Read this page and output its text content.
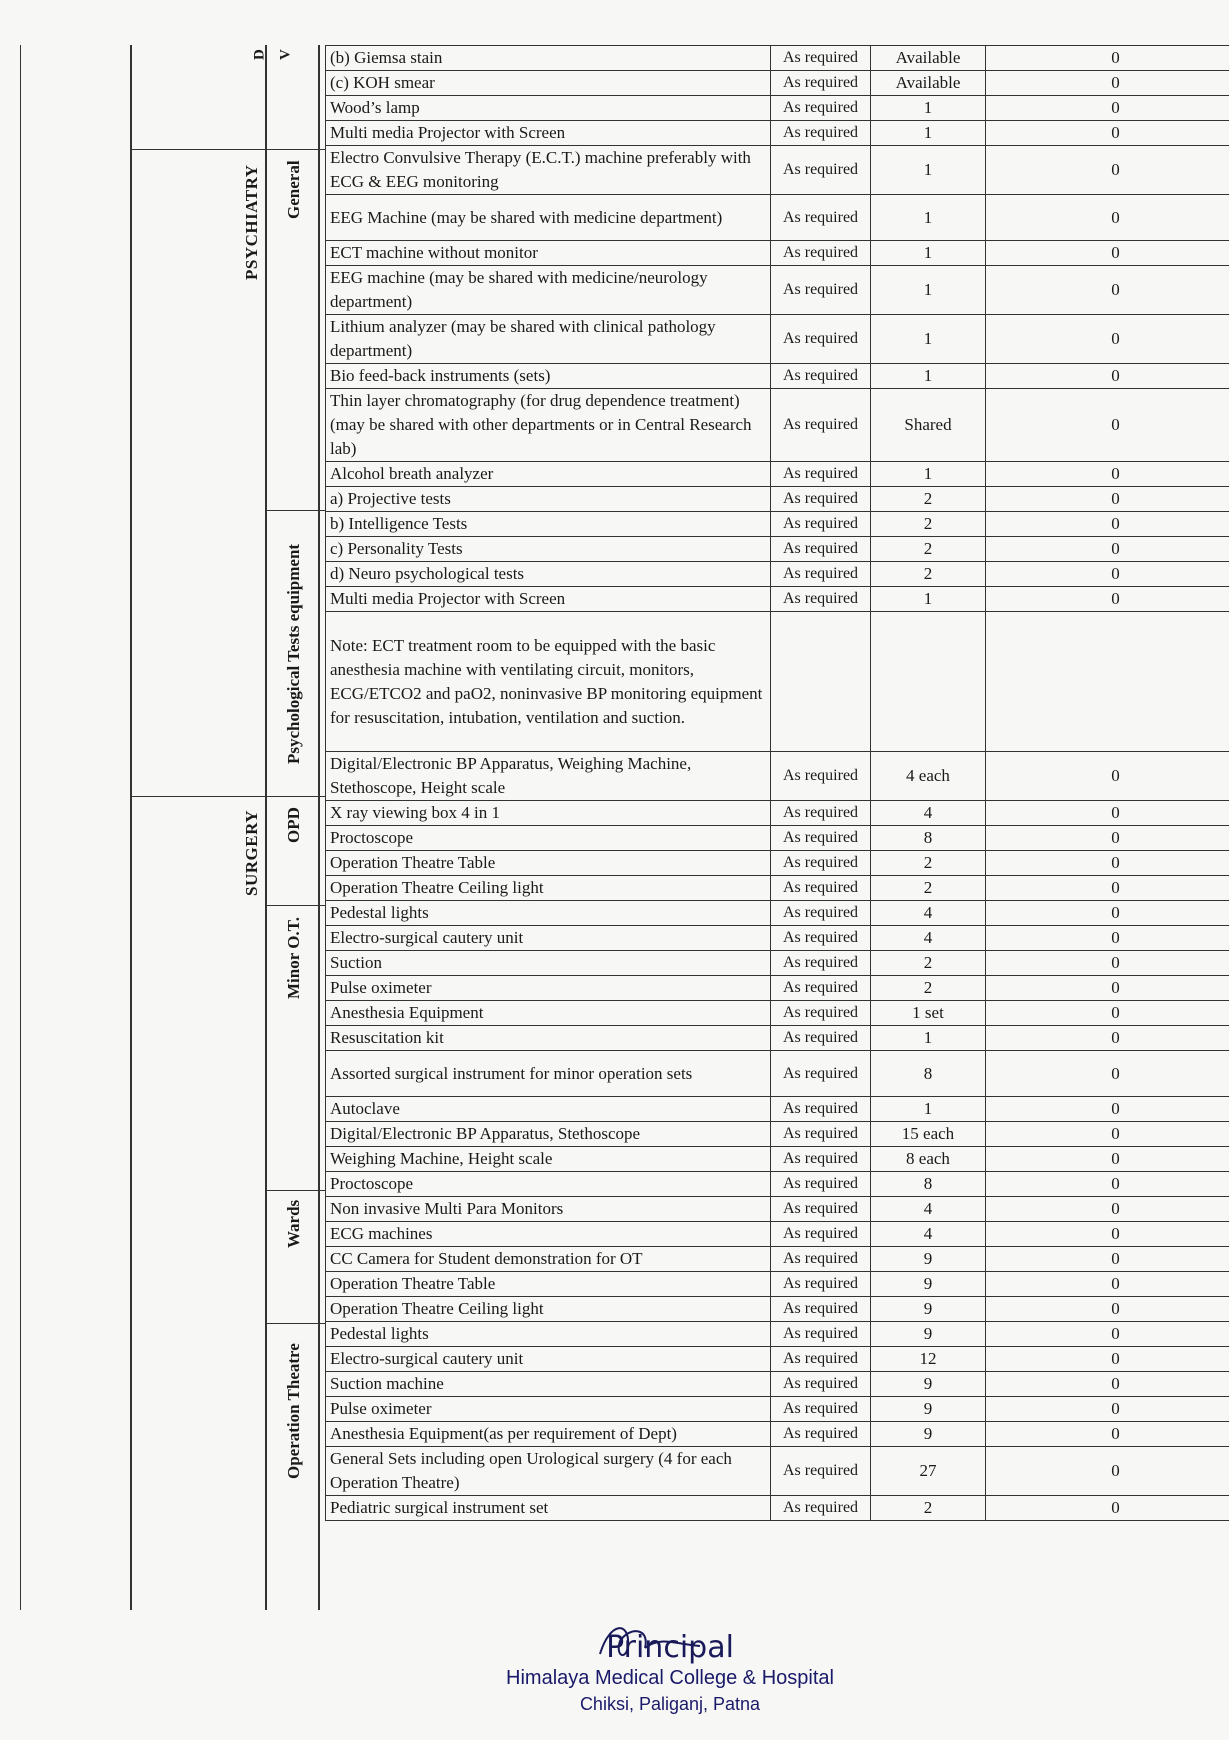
D V
PSYCHIATRY
SURGERY
General
Psychological Tests equipment
OPD
Minor O.T.
Wards
Operation Theatre
(b) Giemsa stain	As required	Available	0
(c) KOH smear	As required	Available	0
Wood’s lamp	As required	1	0
Multi media Projector with Screen	As required	1	0
Electro Convulsive Therapy (E.C.T.) machine preferably with ECG & EEG monitoring	As required	1	0
EEG Machine (may be shared with medicine department)	As required	1	0
ECT machine without monitor	As required	1	0
EEG machine (may be shared with medicine/neurology department)	As required	1	0
Lithium analyzer (may be shared with clinical pathology department)	As required	1	0
Bio feed-back instruments (sets)	As required	1	0
Thin layer chromatography (for drug dependence treatment) (may be shared with other departments or in Central Research lab)	As required	Shared	0
Alcohol breath analyzer	As required	1	0
a) Projective tests	As required	2	0
b) Intelligence Tests	As required	2	0
c) Personality Tests	As required	2	0
d) Neuro psychological tests	As required	2	0
Multi media Projector with Screen	As required	1	0
Note: ECT treatment room to be equipped with the basic anesthesia machine with ventilating circuit, monitors, ECG/ETCO2 and paO2, noninvasive BP monitoring equipment for resuscitation, intubation, ventilation and suction.			
Digital/Electronic BP Apparatus, Weighing Machine, Stethoscope, Height scale	As required	4 each	0
X ray viewing box 4 in 1	As required	4	0
Proctoscope	As required	8	0
Operation Theatre Table	As required	2	0
Operation Theatre Ceiling light	As required	2	0
Pedestal lights	As required	4	0
Electro-surgical cautery unit	As required	4	0
Suction	As required	2	0
Pulse oximeter	As required	2	0
Anesthesia Equipment	As required	1 set	0
Resuscitation kit	As required	1	0
Assorted surgical instrument for minor operation sets	As required	8	0
Autoclave	As required	1	0
Digital/Electronic BP Apparatus, Stethoscope	As required	15 each	0
Weighing Machine, Height scale	As required	8 each	0
Proctoscope	As required	8	0
Non invasive Multi Para Monitors	As required	4	0
ECG machines	As required	4	0
CC Camera for Student demonstration for OT	As required	9	0
Operation Theatre Table	As required	9	0
Operation Theatre Ceiling light	As required	9	0
Pedestal lights	As required	9	0
Electro-surgical cautery unit	As required	12	0
Suction machine	As required	9	0
Pulse oximeter	As required	9	0
Anesthesia Equipment(as per requirement of Dept)	As required	9	0
General Sets including open Urological surgery (4 for each Operation Theatre)	As required	27	0
Pediatric surgical instrument set	As required	2	0
Principal
Himalaya Medical College & Hospital
Chiksi, Paliganj, Patna
